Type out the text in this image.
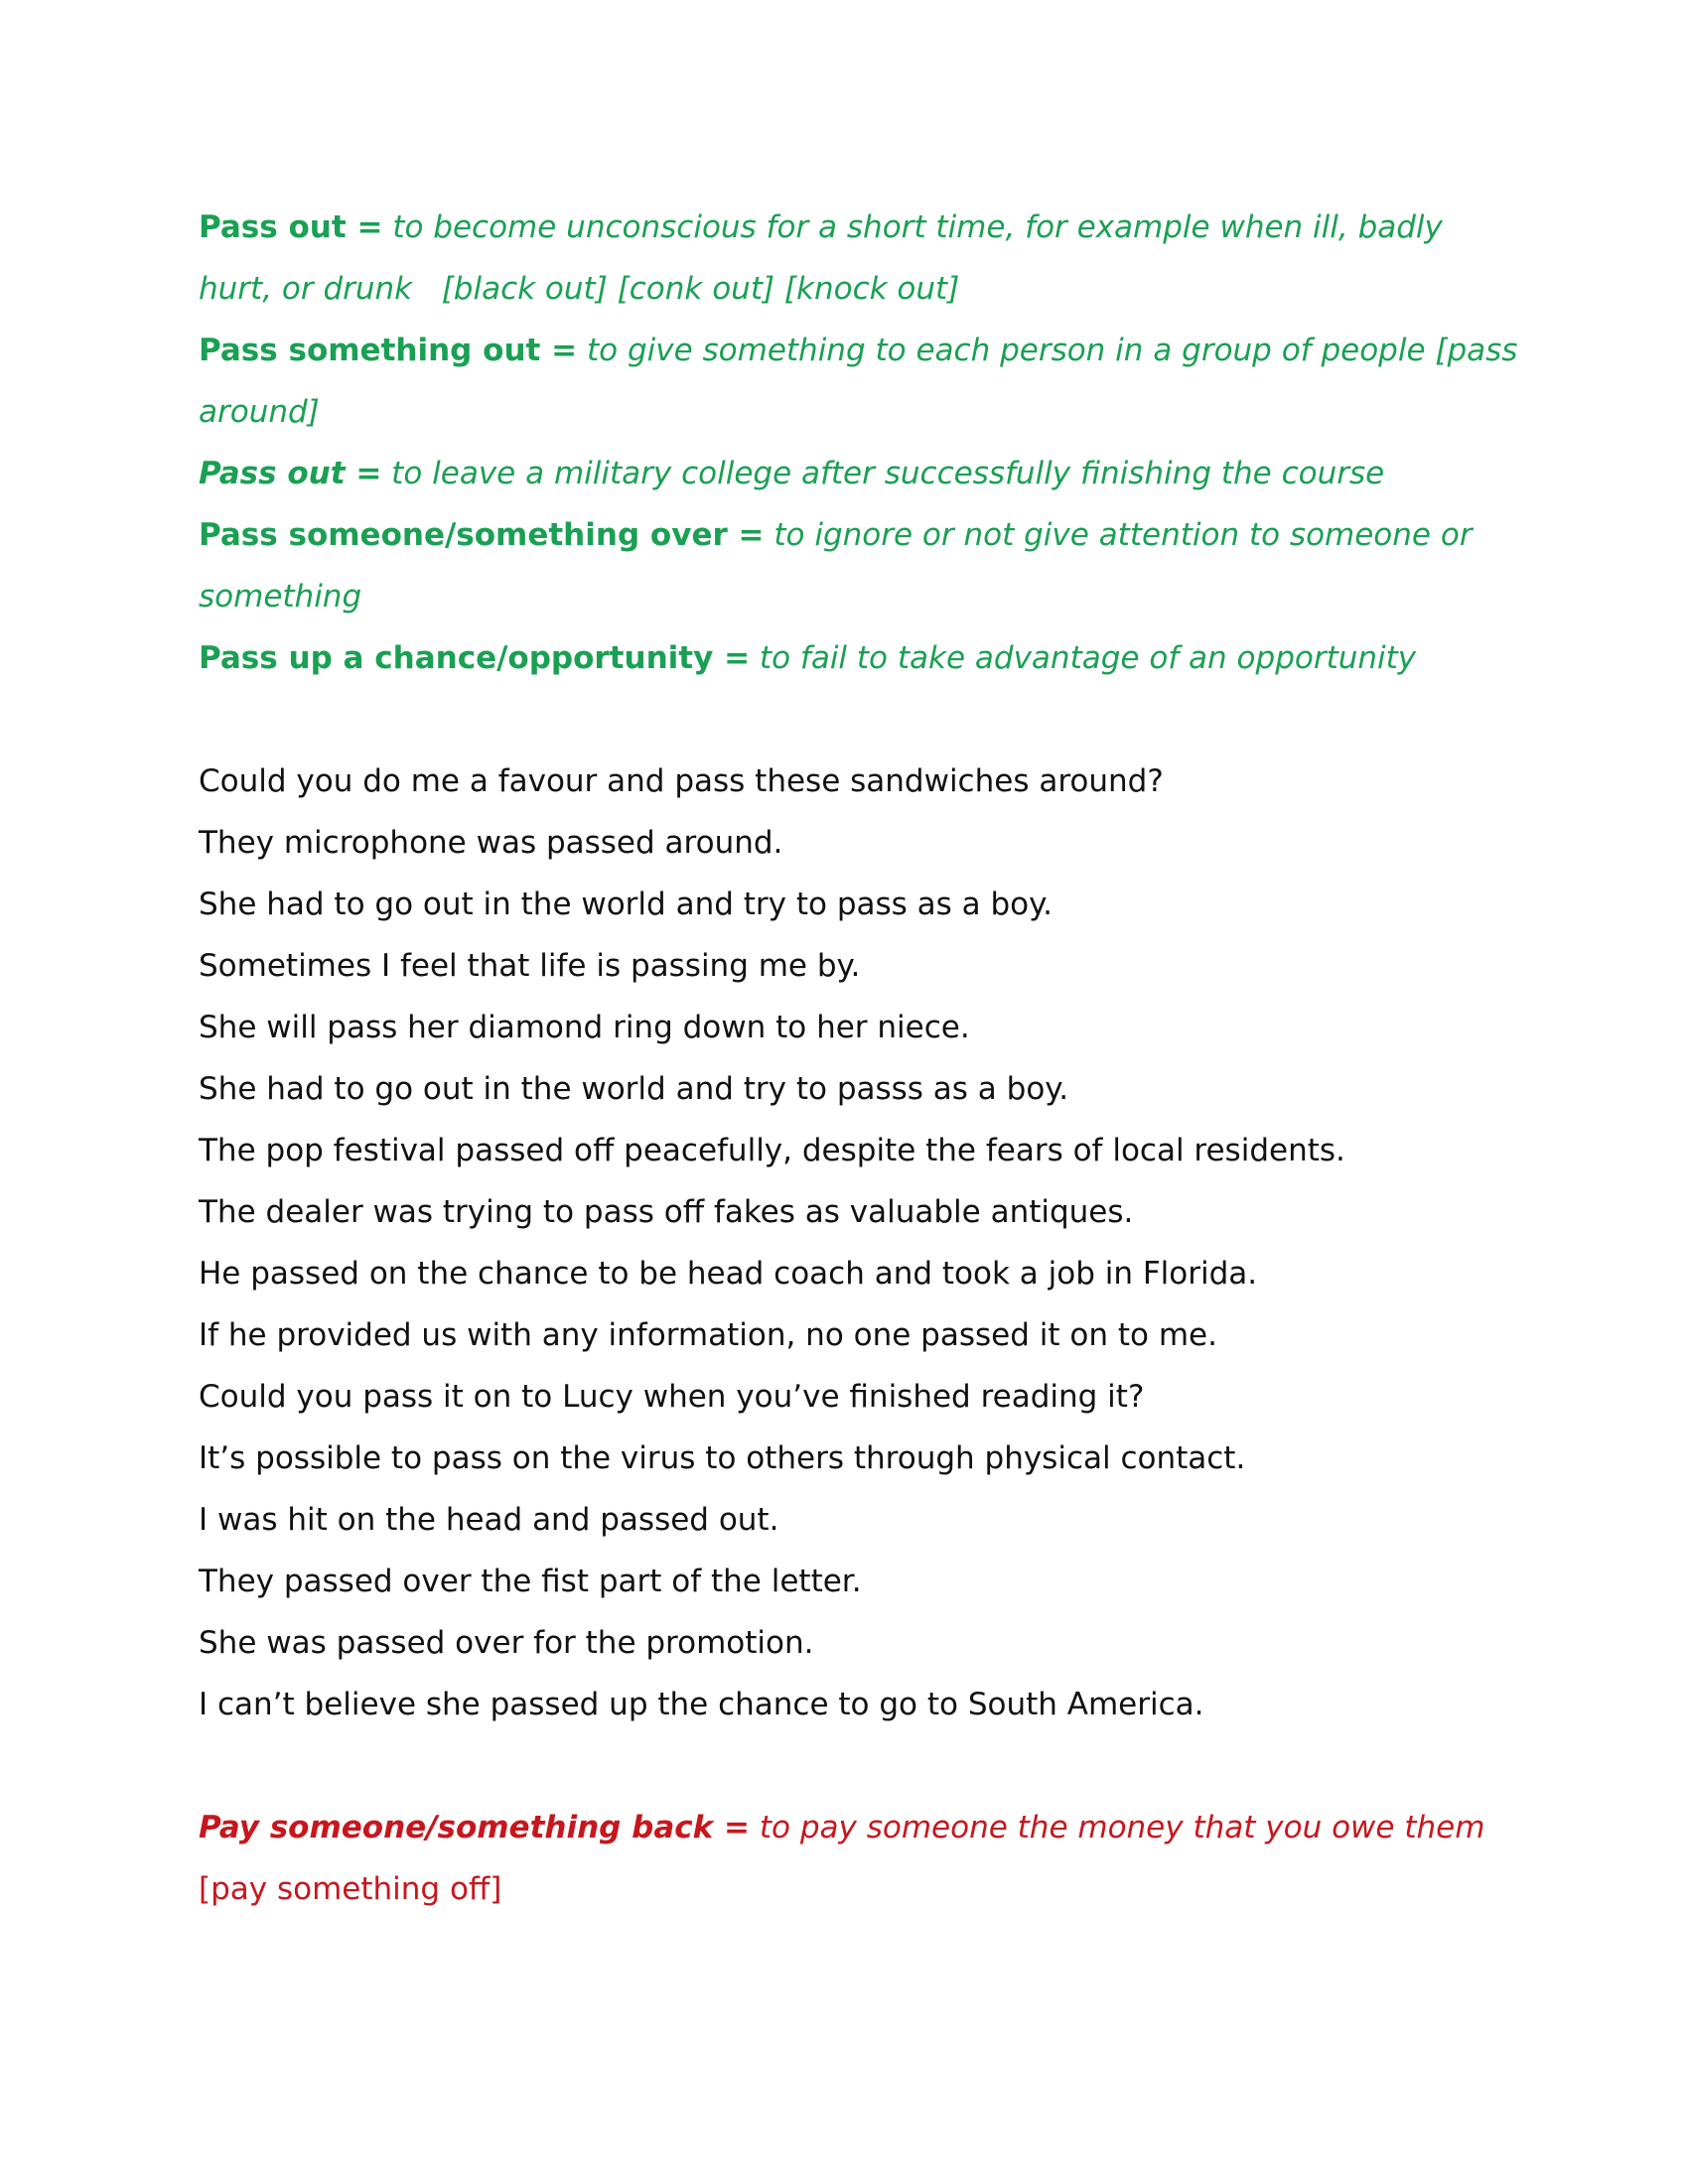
Pass out = to become unconscious for a short time, for example when ill, badly
hurt, or drunk   [black out] [conk out] [knock out]
Pass something out = to give something to each person in a group of people [pass
around]
Pass out = to leave a military college after successfully finishing the course
Pass someone/something over = to ignore or not give attention to someone or
something
Pass up a chance/opportunity = to fail to take advantage of an opportunity
Could you do me a favour and pass these sandwiches around?
They microphone was passed around.
She had to go out in the world and try to pass as a boy.
Sometimes I feel that life is passing me by.
She will pass her diamond ring down to her niece.
She had to go out in the world and try to passs as a boy.
The pop festival passed off peacefully, despite the fears of local residents.
The dealer was trying to pass off fakes as valuable antiques.
He passed on the chance to be head coach and took a job in Florida.
If he provided us with any information, no one passed it on to me.
Could you pass it on to Lucy when you’ve finished reading it?
It’s possible to pass on the virus to others through physical contact.
I was hit on the head and passed out.
They passed over the fist part of the letter.
She was passed over for the promotion.
I can’t believe she passed up the chance to go to South America.
Pay someone/something back = to pay someone the money that you owe them
[pay something off]
